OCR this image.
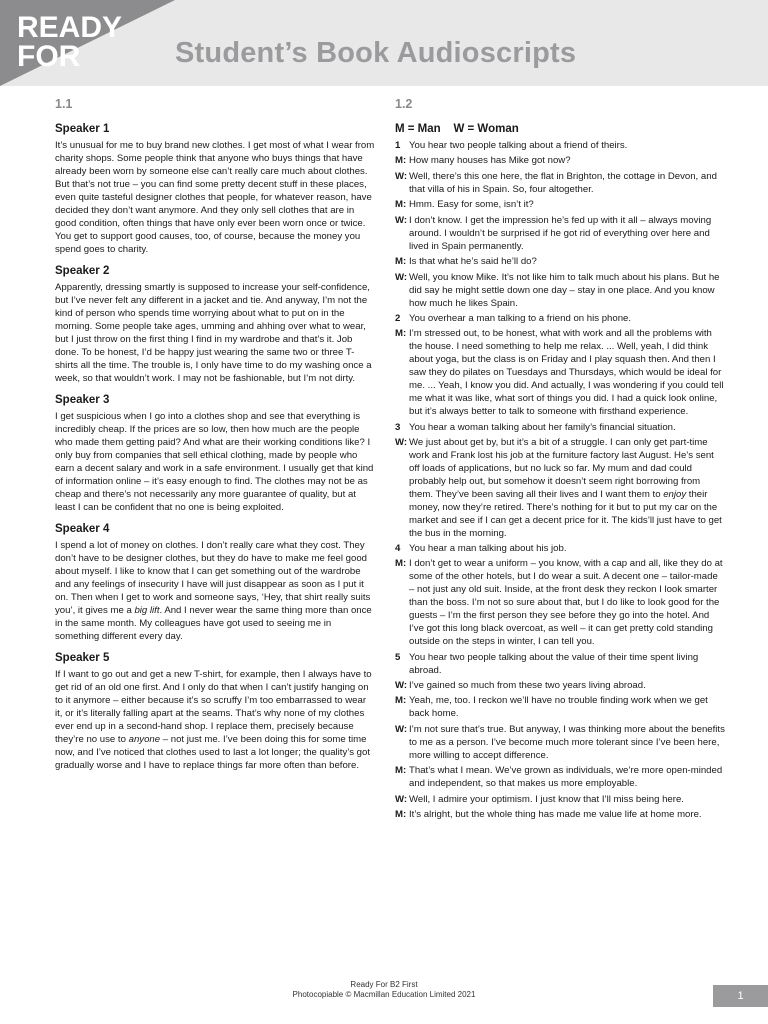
READY
FOR	Student’s Book Audioscripts
1.1
Speaker 1
It’s unusual for me to buy brand new clothes. I get most of what I wear from charity shops. Some people think that anyone who buys things that have already been worn by someone else can’t really care much about clothes. But that’s not true – you can find some pretty decent stuff in these places, even quite tasteful designer clothes that people, for whatever reason, have decided they don’t want anymore. And they only sell clothes that are in good condition, often things that have only ever been worn once or twice. You get to support good causes, too, of course, because the money you spend goes to charity.
Speaker 2
Apparently, dressing smartly is supposed to increase your self-confidence, but I’ve never felt any different in a jacket and tie. And anyway, I’m not the kind of person who spends time worrying about what to put on in the morning. Some people take ages, umming and ahhing over what to wear, but I just throw on the first thing I find in my wardrobe and that’s it. Job done. To be honest, I’d be happy just wearing the same two or three T-shirts all the time. The trouble is, I only have time to do my washing once a week, so that wouldn’t work. I may not be fashionable, but I’m not dirty.
Speaker 3
I get suspicious when I go into a clothes shop and see that everything is incredibly cheap. If the prices are so low, then how much are the people who made them getting paid? And what are their working conditions like? I only buy from companies that sell ethical clothing, made by people who earn a decent salary and work in a safe environment. I usually get that kind of information online – it’s easy enough to find. The clothes may not be as cheap and there’s not necessarily any more guarantee of quality, but at least I can be confident that no one is being exploited.
Speaker 4
I spend a lot of money on clothes. I don’t really care what they cost. They don’t have to be designer clothes, but they do have to make me feel good about myself. I like to know that I can get something out of the wardrobe and any feelings of insecurity I have will just disappear as soon as I put it on. Then when I get to work and someone says, ‘Hey, that shirt really suits you’, it gives me a big lift. And I never wear the same thing more than once in the same month. My colleagues have got used to seeing me in something different every day.
Speaker 5
If I want to go out and get a new T-shirt, for example, then I always have to get rid of an old one first. And I only do that when I can’t justify hanging on to it anymore – either because it’s so scruffy I’m too embarrassed to wear it, or it’s literally falling apart at the seams. That’s why none of my clothes ever end up in a second-hand shop. I replace them, precisely because they’re no use to anyone – not just me. I’ve been doing this for some time now, and I’ve noticed that clothes used to last a lot longer; the quality’s got gradually worse and I have to replace things far more often than before.
1.2
M = Man    W = Woman
1 You hear two people talking about a friend of theirs.
M: How many houses has Mike got now?
W: Well, there’s this one here, the flat in Brighton, the cottage in Devon, and that villa of his in Spain. So, four altogether.
M: Hmm. Easy for some, isn’t it?
W: I don’t know. I get the impression he’s fed up with it all – always moving around. I wouldn’t be surprised if he got rid of everything over here and lived in Spain permanently.
M: Is that what he’s said he’ll do?
W: Well, you know Mike. It’s not like him to talk much about his plans. But he did say he might settle down one day – stay in one place. And you know how much he likes Spain.
2 You overhear a man talking to a friend on his phone.
M: I’m stressed out, to be honest, what with work and all the problems with the house. I need something to help me relax. ... Well, yeah, I did think about yoga, but the class is on Friday and I play squash then. And then I saw they do pilates on Tuesdays and Thursdays, which would be ideal for me. ... Yeah, I know you did. And actually, I was wondering if you could tell me what it was like, what sort of things you did. I had a quick look online, but it’s always better to talk to someone with firsthand experience.
3 You hear a woman talking about her family’s financial situation.
W: We just about get by, but it’s a bit of a struggle. I can only get part-time work and Frank lost his job at the furniture factory last August. He’s sent off loads of applications, but no luck so far. My mum and dad could probably help out, but somehow it doesn’t seem right borrowing from them. They’ve been saving all their lives and I want them to enjoy their money, now they’re retired. There’s nothing for it but to put my car on the market and see if I can get a decent price for it. The kids’ll just have to get the bus in the morning.
4 You hear a man talking about his job.
M: I don’t get to wear a uniform – you know, with a cap and all, like they do at some of the other hotels, but I do wear a suit. A decent one – tailor-made – not just any old suit. Inside, at the front desk they reckon I look smarter than the boss. I’m not so sure about that, but I do like to look good for the guests – I’m the first person they see before they go into the hotel. And I’ve got this long black overcoat, as well – it can get pretty cold standing outside on the steps in winter, I can tell you.
5 You hear two people talking about the value of their time spent living abroad.
W: I’ve gained so much from these two years living abroad.
M: Yeah, me, too. I reckon we’ll have no trouble finding work when we get back home.
W: I’m not sure that’s true. But anyway, I was thinking more about the benefits to me as a person. I’ve become much more tolerant since I’ve been here, more willing to accept difference.
M: That’s what I mean. We’ve grown as individuals, we’re more open-minded and independent, so that makes us more employable.
W: Well, I admire your optimism. I just know that I’ll miss being here.
M: It’s alright, but the whole thing has made me value life at home more.
Ready For B2 First
Photocopiable © Macmillan Education Limited 2021	1
